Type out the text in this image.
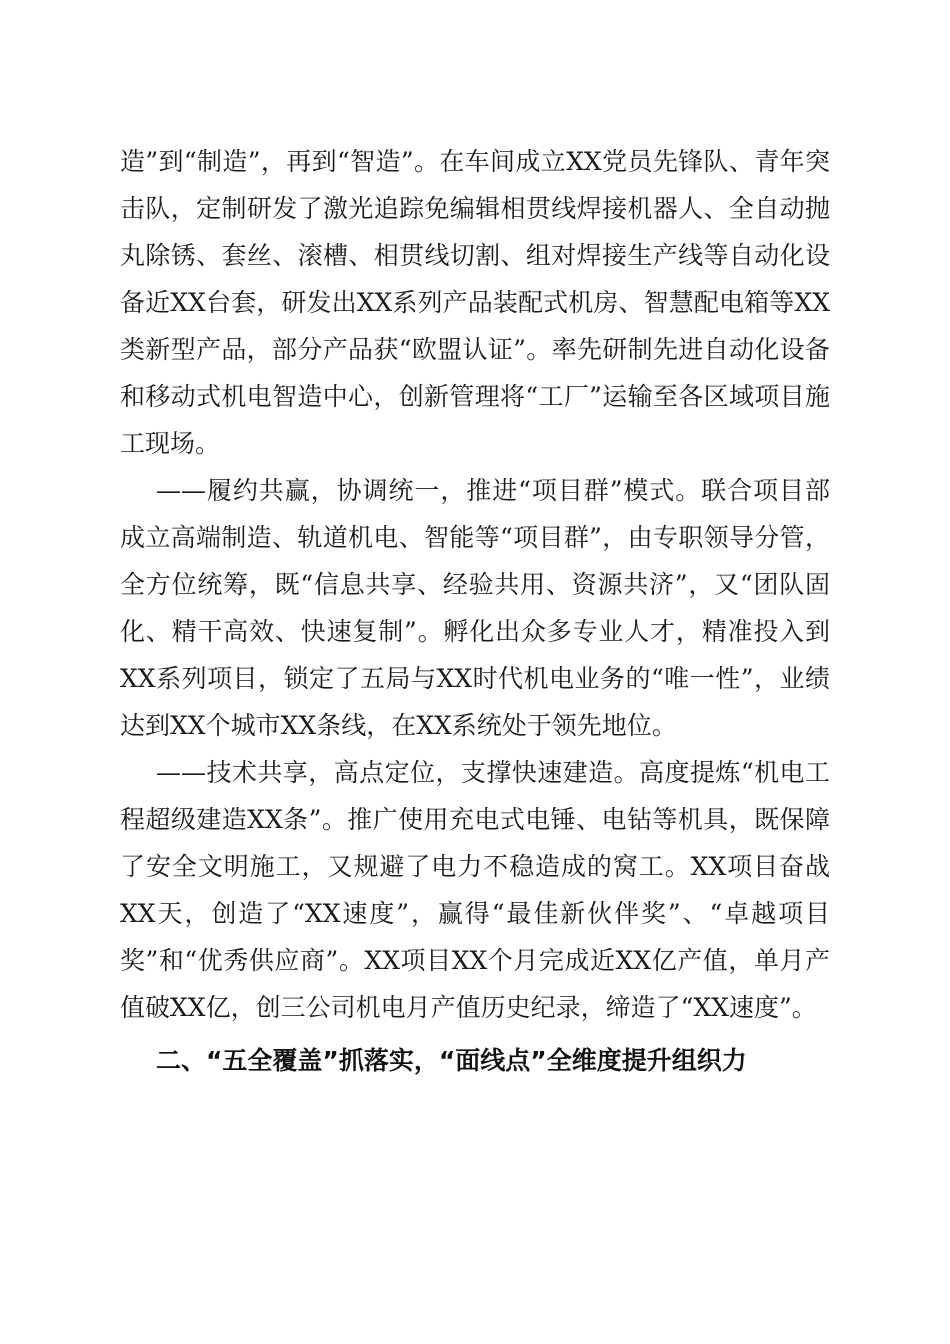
造”到“制造”，再到“智造”。在车间成立XX党员先锋队、青年突击队，定制研发了激光追踪免编辑相贯线焊接机器人、全自动抛丸除锈、套丝、滚槽、相贯线切割、组对焊接生产线等自动化设备近XX台套，研发出XX系列产品装配式机房、智慧配电箱等XX类新型产品，部分产品获“欧盟认证”。率先研制先进自动化设备和移动式机电智造中心，创新管理将“工厂”运输至各区域项目施工现场。

——履约共赢，协调统一，推进“项目群”模式。联合项目部成立高端制造、轨道机电、智能等“项目群”，由专职领导分管，全方位统筹，既“信息共享、经验共用、资源共济”，又“团队固化、精干高效、快速复制”。孵化出众多专业人才，精准投入到XX系列项目，锁定了五局与XX时代机电业务的“唯一性”，业绩达到XX个城市XX条线，在XX系统处于领先地位。

——技术共享，高点定位，支撑快速建造。高度提炼“机电工程超级建造XX条”。推广使用充电式电锤、电钻等机具，既保障了安全文明施工，又规避了电力不稳造成的窝工。XX项目奋战XX天，创造了“XX速度”，赢得“最佳新伙伴奖”、“卓越项目奖”和“优秀供应商”。XX项目XX个月完成近XX亿产值，单月产值破XX亿，创三公司机电月产值历史纪录，缔造了“XX速度”。

二、“五全覆盖”抓落实，“面线点”全维度提升组织力
